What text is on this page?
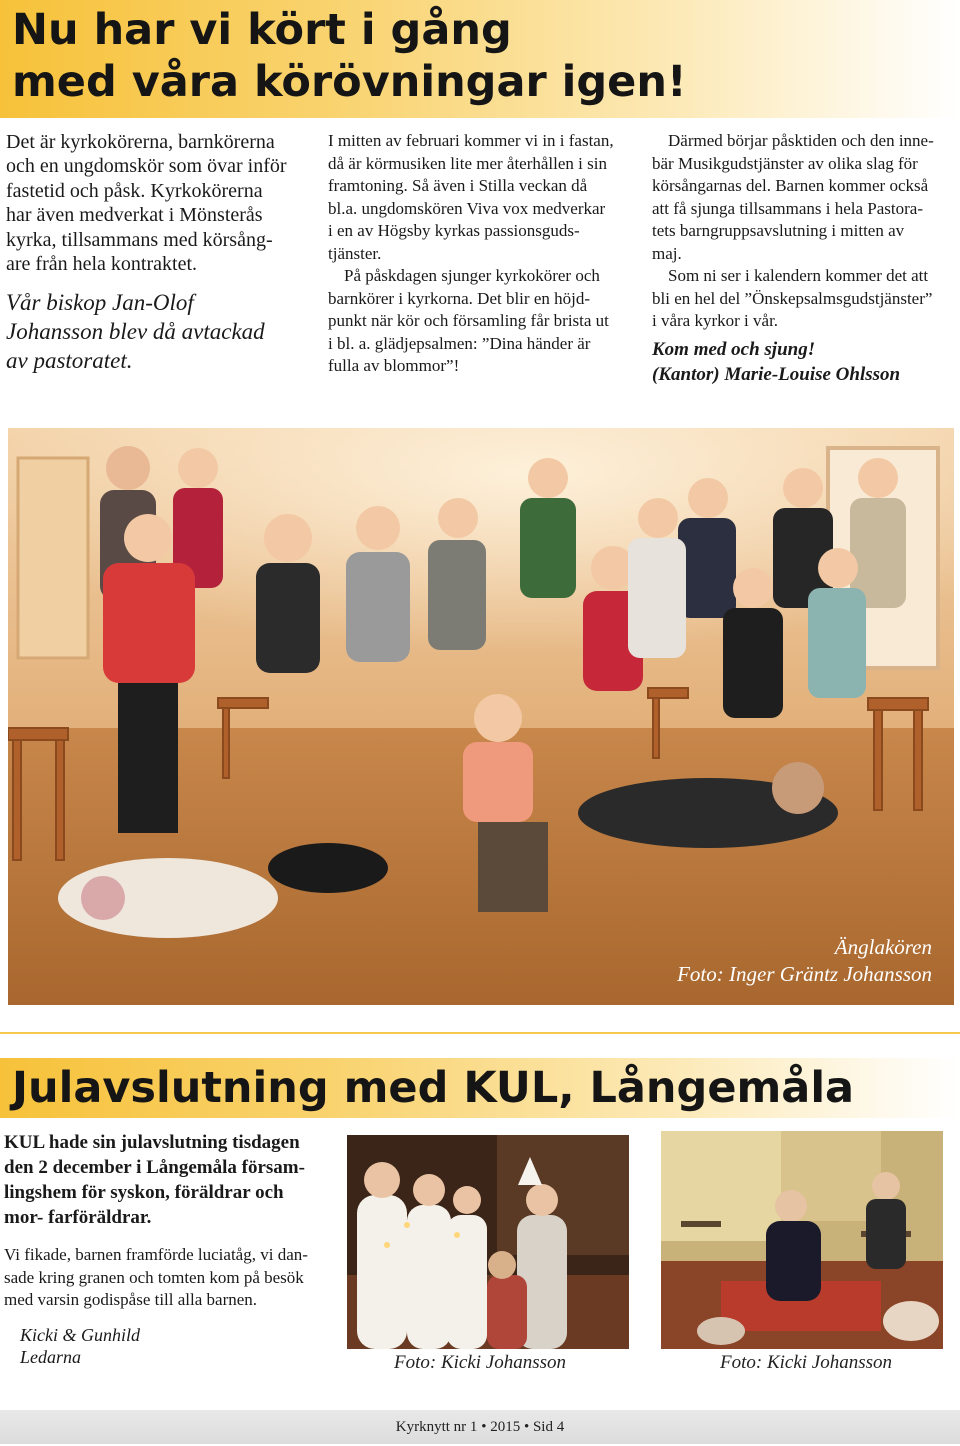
Nu har vi kört i gång
med våra körövningar igen!
Det är kyrkokörerna, barnkörerna
och en ungdomskör som övar inför
fastetid och påsk. Kyrkokörerna
har även medverkat i Mönsterås
kyrka, tillsammans med körsång-
are från hela kontraktet.
Vår biskop Jan-Olof
Johansson blev då avtackad
av pastoratet.
I mitten av februari kommer vi in i fastan,
då är körmusiken lite mer återhållen i sin
framtoning. Så även i Stilla veckan då
bl.a. ungdomskören Viva vox medverkar
i en av Högsby kyrkas passionsguds-
tjänster.
På påskdagen sjunger kyrkokörer och
barnkörer i kyrkorna. Det blir en höjd-
punkt när kör och församling får brista ut
i bl. a. glädjepsalmen: ”Dina händer är
fulla av blommor”!
Därmed börjar påsktiden och den inne-
bär Musikgudstjänster av olika slag för
körsångarnas del. Barnen kommer också
att få sjunga tillsammans i hela Pastora-
tets barngruppsavslutning i mitten av
maj.
Som ni ser i kalendern kommer det att
bli en hel del ”Önskepsalmsgudstjänster”
i våra kyrkor i vår.
Kom med och sjung!
(Kantor) Marie-Louise Ohlsson
Änglakören
Foto: Inger Gräntz Johansson
Julavslutning med KUL, Långemåla
KUL hade sin julavslutning tisdagen
den 2 december i Långemåla försam-
lingshem för syskon, föräldrar och
mor- farföräldrar.
Vi fikade, barnen framförde luciatåg, vi dan-
sade kring granen och tomten kom på besök
med varsin godispåse till alla barnen.
Kicki & Gunhild
Ledarna	Foto: Kicki Johansson	Foto: Kicki Johansson
Kyrknytt nr 1 • 2015 • Sid 4
